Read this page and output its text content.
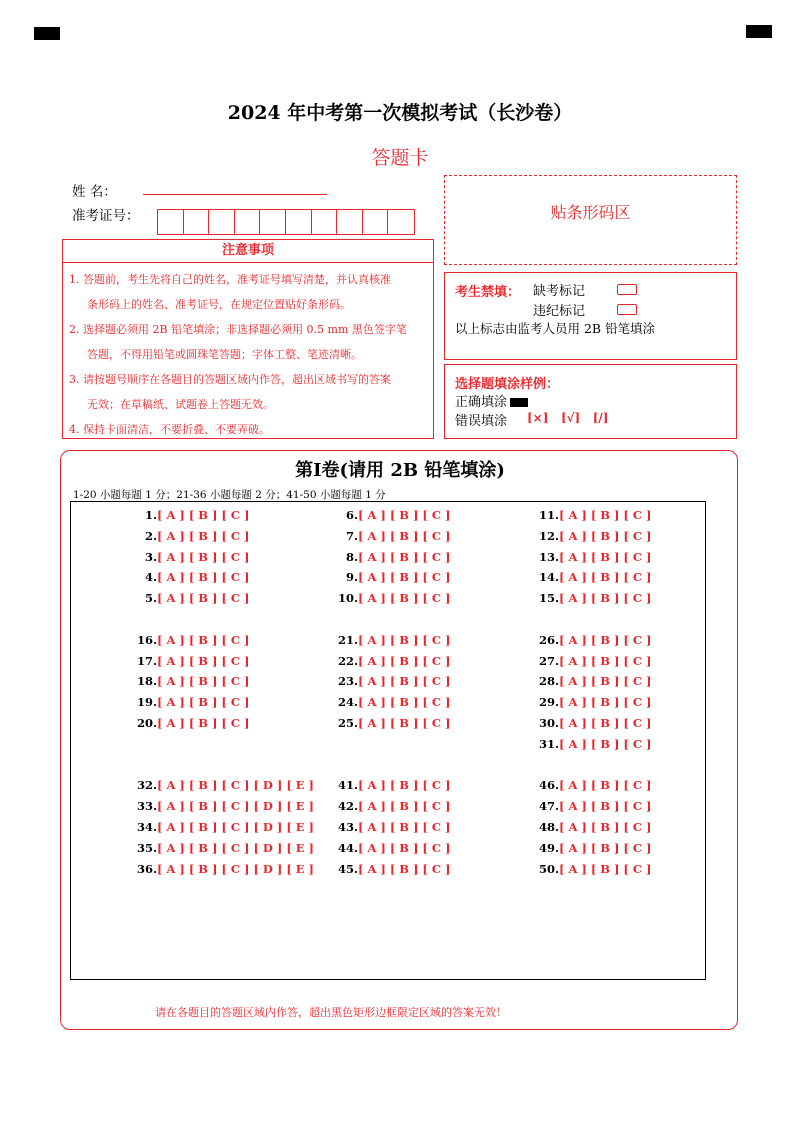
2024 年中考第一次模拟考试（长沙卷）
答题卡
姓 名：
准考证号：	贴条形码区
注意事项

1. 答题前，考生先将自己的姓名，准考证号填写清楚，并认真核准

条形码上的姓名、准考证号，在规定位置贴好条形码。

2. 选择题必须用 2B 铅笔填涂；非选择题必须用 0.5 mm 黑色签字笔

答题，不得用铅笔或圆珠笔答题；字体工整、笔迹清晰。

3. 请按题号顺序在各题目的答题区域内作答，超出区域书写的答案

无效；在草稿纸、试题卷上答题无效。

4. 保持卡面清洁，不要折叠、不要弄破。

考生禁填： 缺考标记
违纪标记
以上标志由监考人员用 2B 铅笔填涂
选择题填涂样例：
正确填涂
错误填涂 [×]   [√]   [/]
第Ⅰ卷(请用 2B 铅笔填涂)
1-20 小题每题 1 分；21-36 小题每题 2 分；41-50 小题每题 1 分
1.[ A ] [ B ] [ C ]
2.[ A ] [ B ] [ C ]
3.[ A ] [ B ] [ C ]
4.[ A ] [ B ] [ C ]
5.[ A ] [ B ] [ C ]
6.[ A ] [ B ] [ C ]
7.[ A ] [ B ] [ C ]
8.[ A ] [ B ] [ C ]
9.[ A ] [ B ] [ C ]
10.[ A ] [ B ] [ C ]
11.[ A ] [ B ] [ C ]
12.[ A ] [ B ] [ C ]
13.[ A ] [ B ] [ C ]
14.[ A ] [ B ] [ C ]
15.[ A ] [ B ] [ C ]
16.[ A ] [ B ] [ C ]
17.[ A ] [ B ] [ C ]
18.[ A ] [ B ] [ C ]
19.[ A ] [ B ] [ C ]
20.[ A ] [ B ] [ C ]
21.[ A ] [ B ] [ C ]
22.[ A ] [ B ] [ C ]
23.[ A ] [ B ] [ C ]
24.[ A ] [ B ] [ C ]
25.[ A ] [ B ] [ C ]
26.[ A ] [ B ] [ C ]
27.[ A ] [ B ] [ C ]
28.[ A ] [ B ] [ C ]
29.[ A ] [ B ] [ C ]
30.[ A ] [ B ] [ C ]
31.[ A ] [ B ] [ C ]
32.[ A ] [ B ] [ C ] [ D ] [ E ]
33.[ A ] [ B ] [ C ] [ D ] [ E ]
34.[ A ] [ B ] [ C ] [ D ] [ E ]
35.[ A ] [ B ] [ C ] [ D ] [ E ]
36.[ A ] [ B ] [ C ] [ D ] [ E ]
41.[ A ] [ B ] [ C ]
42.[ A ] [ B ] [ C ]
43.[ A ] [ B ] [ C ]
44.[ A ] [ B ] [ C ]
45.[ A ] [ B ] [ C ]
46.[ A ] [ B ] [ C ]
47.[ A ] [ B ] [ C ]
48.[ A ] [ B ] [ C ]
49.[ A ] [ B ] [ C ]
50.[ A ] [ B ] [ C ]
请在各题目的答题区域内作答，超出黑色矩形边框限定区域的答案无效！
